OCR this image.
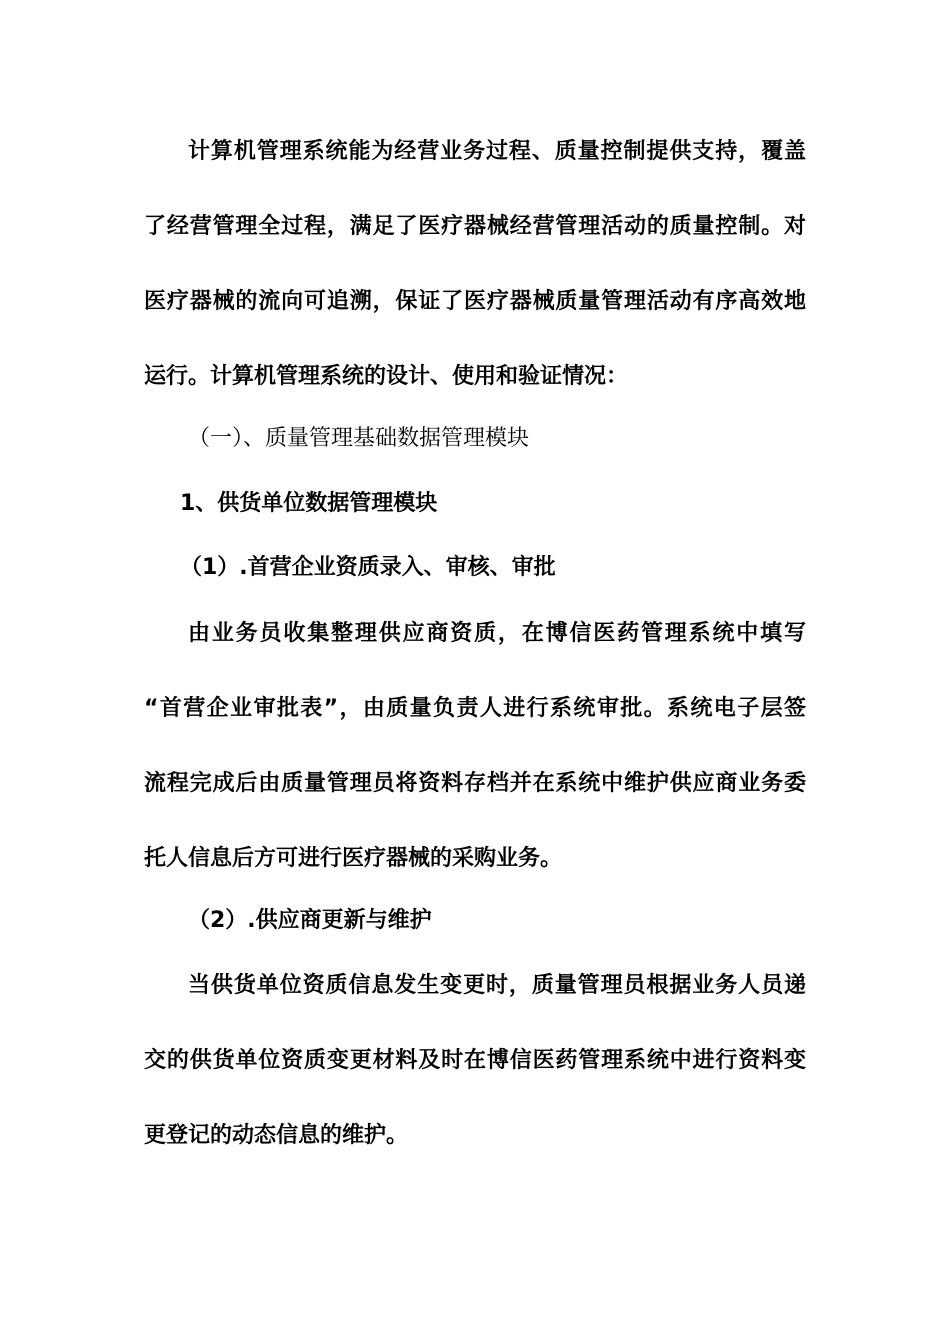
计算机管理系统能为经营业务过程、质量控制提供支持，覆盖
了经营管理全过程，满足了医疗器械经营管理活动的质量控制。对
医疗器械的流向可追溯，保证了医疗器械质量管理活动有序高效地
运行。计算机管理系统的设计、使用和验证情况：
（一）、质量管理基础数据管理模块
1、供货单位数据管理模块
（1）.首营企业资质录入、审核、审批
由业务员收集整理供应商资质，在博信医药管理系统中填写
“首营企业审批表”，由质量负责人进行系统审批。系统电子层签
流程完成后由质量管理员将资料存档并在系统中维护供应商业务委
托人信息后方可进行医疗器械的采购业务。
（2）.供应商更新与维护
当供货单位资质信息发生变更时，质量管理员根据业务人员递
交的供货单位资质变更材料及时在博信医药管理系统中进行资料变
更登记的动态信息的维护。
